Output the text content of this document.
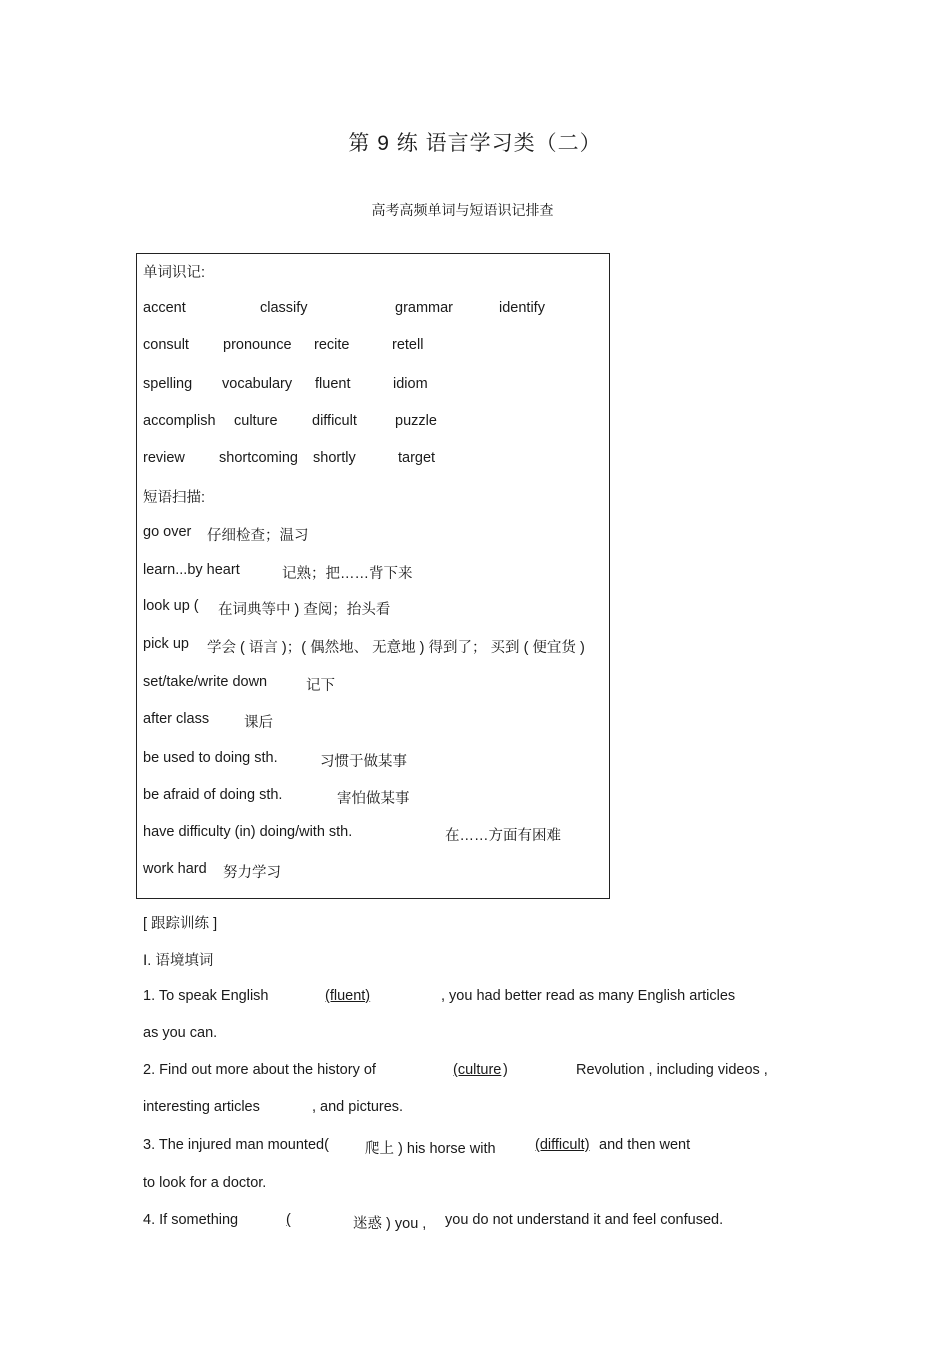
第 9 练 语言学习类（二）
高考高频单词与短语识记排查
单词识记:
accent	classify	grammar	identify
consult pronounce recite	retell
spelling vocabulary fluent	idiom
accomplish culture difficult	puzzle
review shortcoming shortly	target
短语扫描:
go over 仔细检查；温习
learn...by heart	记熟；把……背下来
look up ( 在词典等中 ) 查阅；抬头看
pick up 学会 ( 语言 )；( 偶然地、 无意地 ) 得到了； 买到 ( 便宜货 )
set/take/write down	记下
after class 课后
be used to doing sth.	习惯于做某事
be afraid of doing sth.	害怕做某事
have difficulty (in) doing/with sth.	在……方面有困难
work hard 努力学习
[ 跟踪训练 ]
Ⅰ. 语境填词
1. To speak English	(fluent)	, you had better read as many English articles
as you can.
2. Find out more about the history of	(culture )	Revolution , including videos ,
interesting articles	, and pictures.
3. The injured man mounted( 爬上 ) his horse with	(difficult) and then went
to look for a doctor.
4. If something	(	迷惑 ) you , you do not understand it and feel confused.
